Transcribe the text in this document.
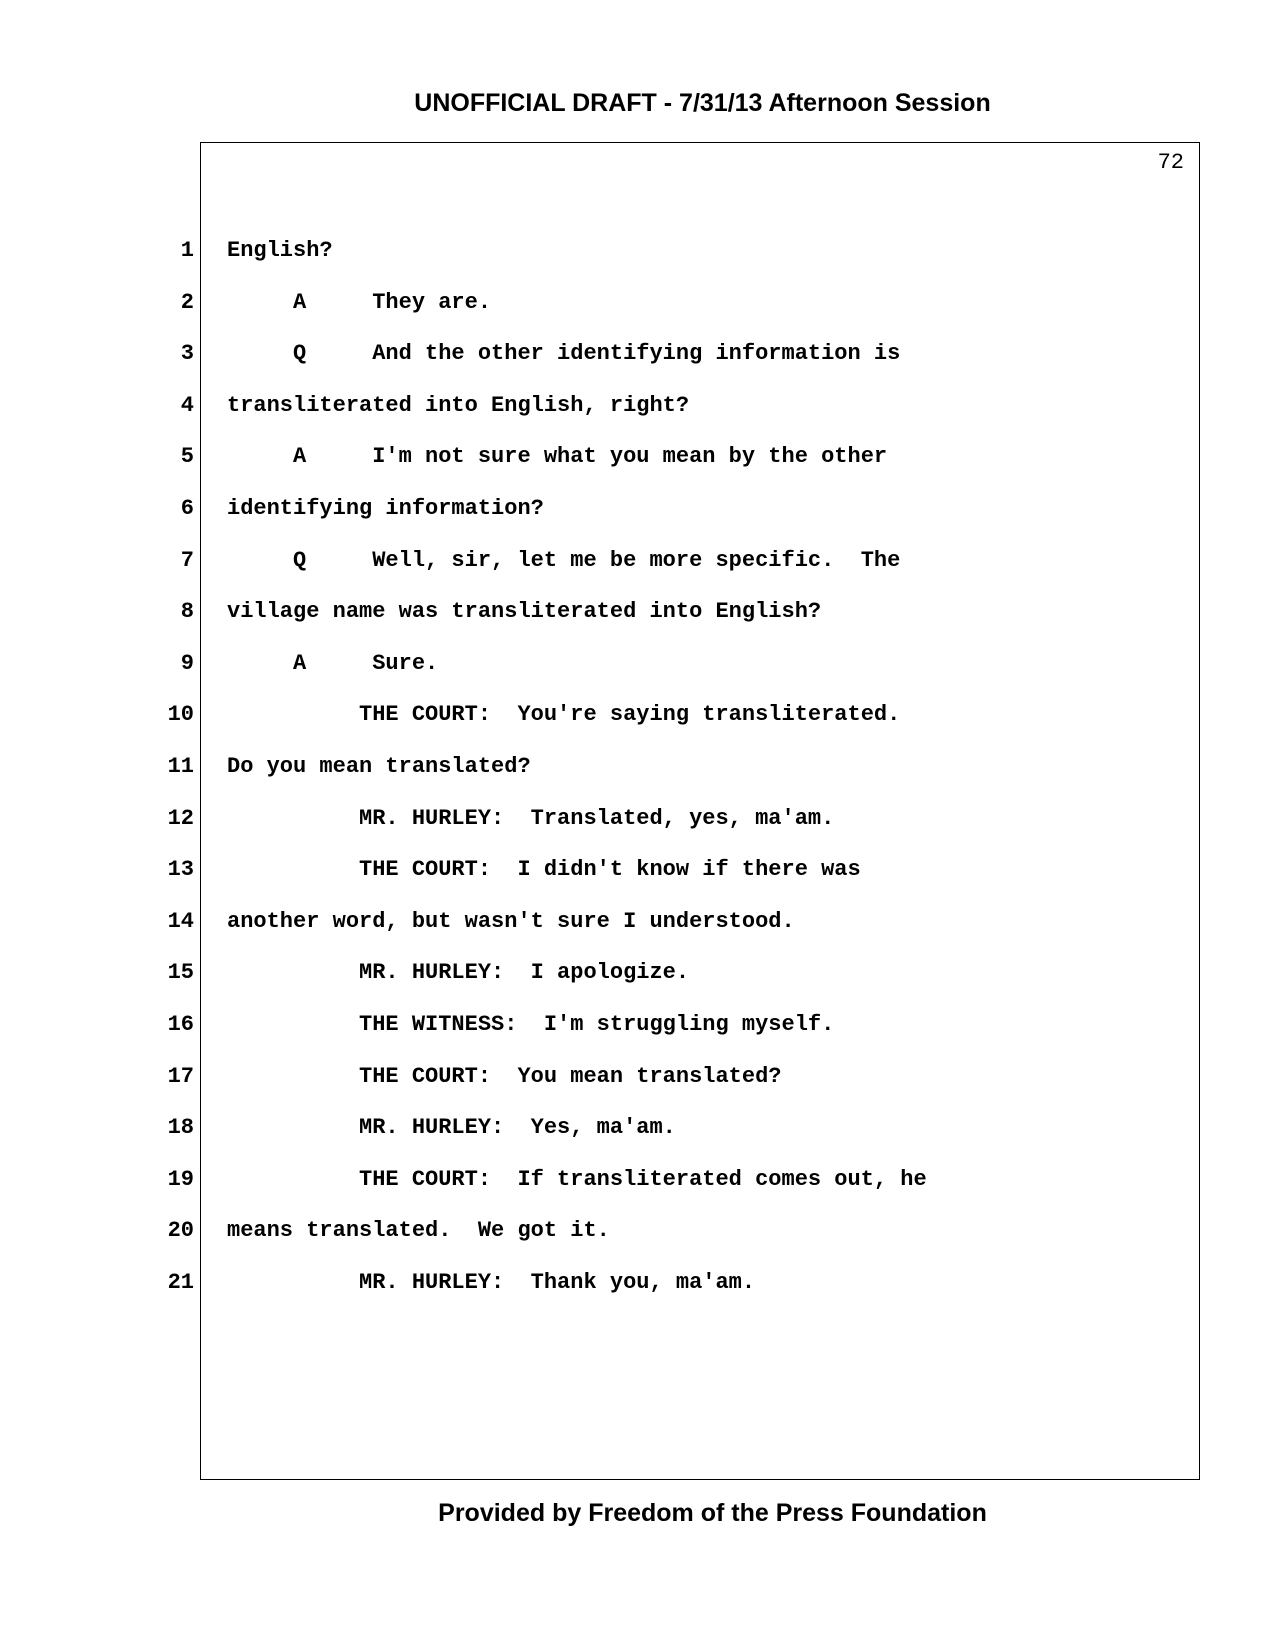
UNOFFICIAL DRAFT - 7/31/13 Afternoon Session
72
1 English?
2 A     They are.
3 Q     And the other identifying information is
4 transliterated into English, right?
5 A     I'm not sure what you mean by the other
6 identifying information?
7 Q     Well, sir, let me be more specific.  The
8 village name was transliterated into English?
9 A     Sure.
10 THE COURT:  You're saying transliterated.
11 Do you mean translated?
12 MR. HURLEY:  Translated, yes, ma'am.
13 THE COURT:  I didn't know if there was
14 another word, but wasn't sure I understood.
15 MR. HURLEY:  I apologize.
16 THE WITNESS:  I'm struggling myself.
17 THE COURT:  You mean translated?
18 MR. HURLEY:  Yes, ma'am.
19 THE COURT:  If transliterated comes out, he
20 means translated.  We got it.
21 MR. HURLEY:  Thank you, ma'am.
Provided by Freedom of the Press Foundation
